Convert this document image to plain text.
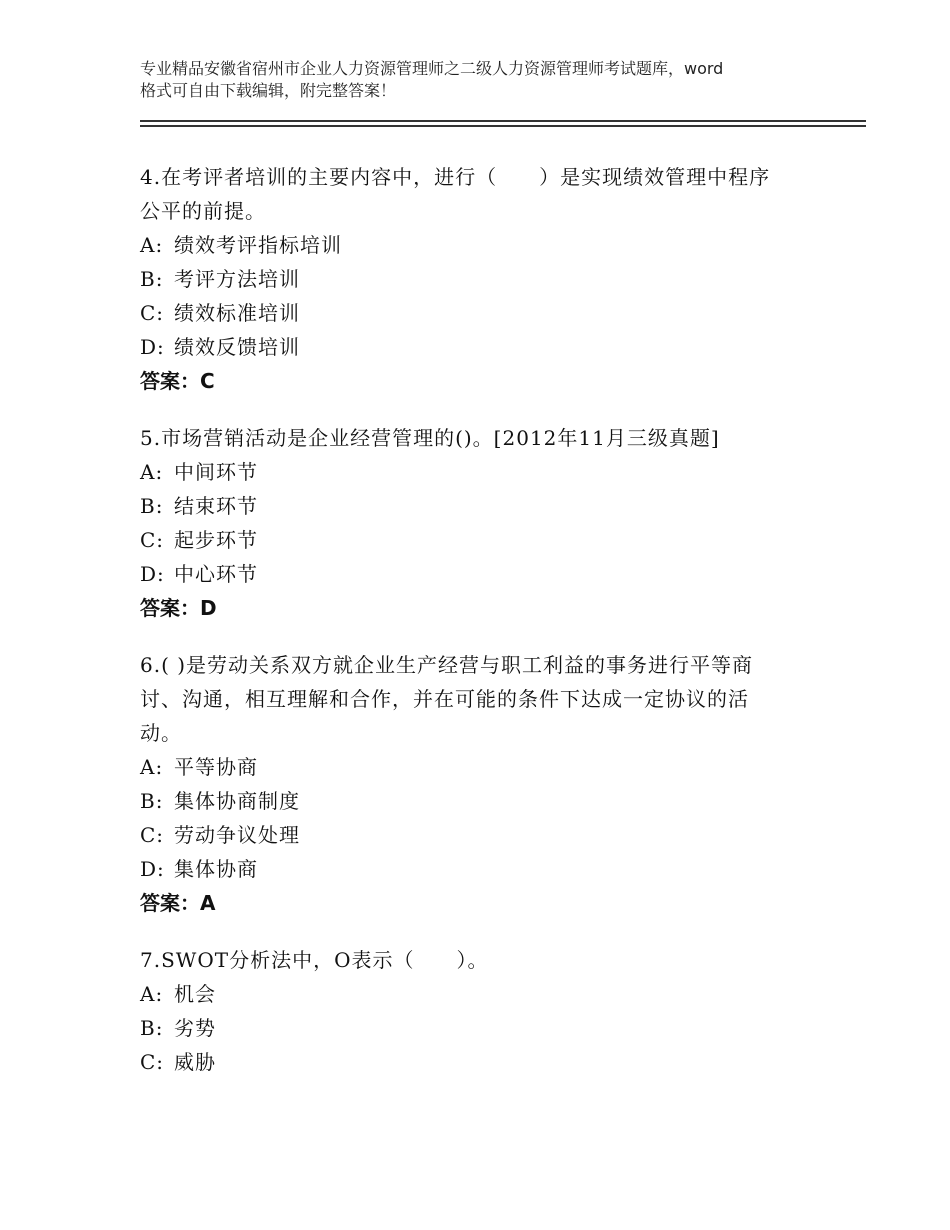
专业精品安徽省宿州市企业人力资源管理师之二级人力资源管理师考试题库，word
格式可自由下载编辑，附完整答案！

4.在考评者培训的主要内容中，进行（　　）是实现绩效管理中程序

公平的前提。

A: 绩效考评指标培训

B: 考评方法培训

C: 绩效标准培训

D: 绩效反馈培训

答案：C

5.市场营销活动是企业经营管理的()。[2012年11月三级真题]

A: 中间环节

B: 结束环节

C: 起步环节

D: 中心环节

答案：D

6.( )是劳动关系双方就企业生产经营与职工利益的事务进行平等商

讨、沟通，相互理解和合作，并在可能的条件下达成一定协议的活

动。

A: 平等协商

B: 集体协商制度

C: 劳动争议处理

D: 集体协商

答案：A

7.SWOT分析法中，O表示（　　）。

A: 机会

B: 劣势

C: 威胁
